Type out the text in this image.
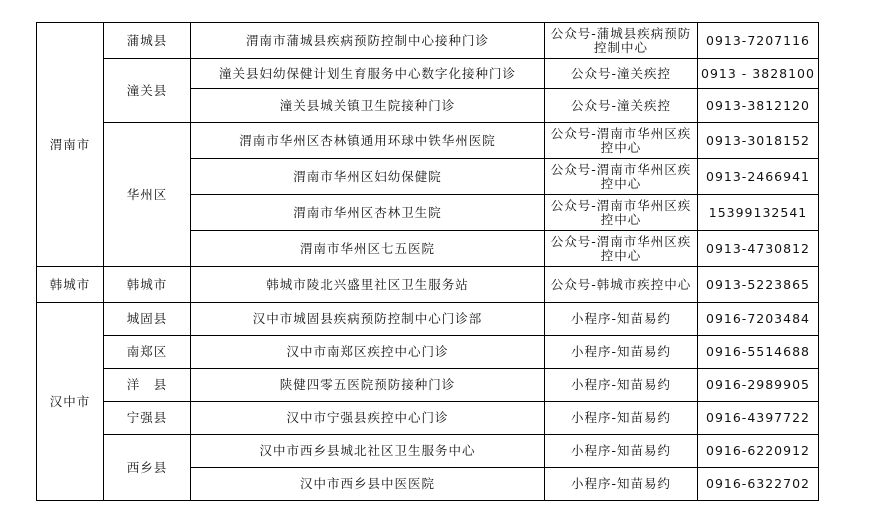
渭南市	蒲城县	渭南市蒲城县疾病预防控制中心接种门诊	公众号-蒲城县疾病预防控制中心	0913-7207116
	潼关县	潼关县妇幼保健计划生育服务中心数字化接种门诊	公众号-潼关疾控	0913 - 3828100
		潼关县城关镇卫生院接种门诊	公众号-潼关疾控	0913-3812120
	华州区	渭南市华州区杏林镇通用环球中铁华州医院	公众号-渭南市华州区疾控中心	0913-3018152
		渭南市华州区妇幼保健院	公众号-渭南市华州区疾控中心	0913-2466941
		渭南市华州区杏林卫生院	公众号-渭南市华州区疾控中心	15399132541
		渭南市华州区七五医院	公众号-渭南市华州区疾控中心	0913-4730812
韩城市	韩城市	韩城市陵北兴盛里社区卫生服务站	公众号-韩城市疾控中心	0913-5223865
汉中市	城固县	汉中市城固县疾病预防控制中心门诊部	小程序-知苗易约	0916-7203484
	南郑区	汉中市南郑区疾控中心门诊	小程序-知苗易约	0916-5514688
	洋　县	陕健四零五医院预防接种门诊	小程序-知苗易约	0916-2989905
	宁强县	汉中市宁强县疾控中心门诊	小程序-知苗易约	0916-4397722
	西乡县	汉中市西乡县城北社区卫生服务中心	小程序-知苗易约	0916-6220912
		汉中市西乡县中医医院	小程序-知苗易约	0916-6322702
